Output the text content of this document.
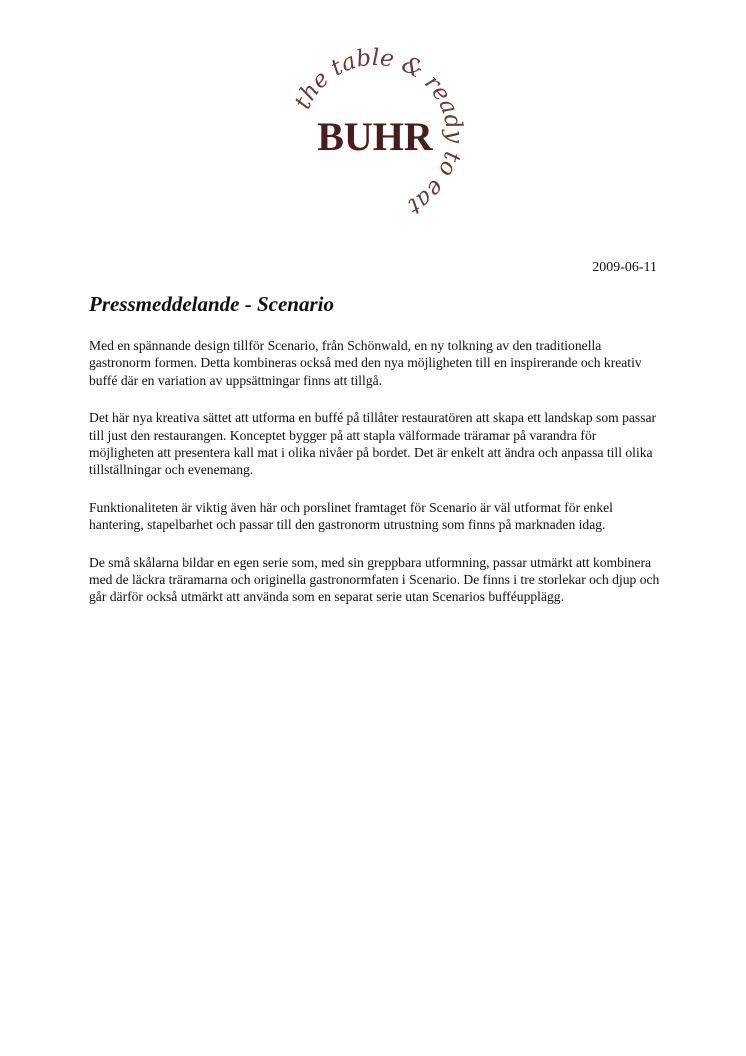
the table & ready to eat
BUHR
2009-06-11
Pressmeddelande - Scenario

Med en spännande design tillför Scenario, från Schönwald, en ny tolkning av den traditionella gastronorm formen. Detta kombineras också med den nya möjligheten till en inspirerande och kreativ buffé där en variation av uppsättningar finns att tillgå.

Det här nya kreativa sättet att utforma en buffé på tillåter restauratören att skapa ett landskap som passar till just den restaurangen. Konceptet bygger på att stapla välformade träramar på varandra för möjligheten att presentera kall mat i olika nivåer på bordet. Det är enkelt att ändra och anpassa till olika tillställningar och evenemang.

Funktionaliteten är viktig även här och porslinet framtaget för Scenario är väl utformat för enkel hantering, stapelbarhet och passar till den gastronorm utrustning som finns på marknaden idag.

De små skålarna bildar en egen serie som, med sin greppbara utformning, passar utmärkt att kombinera med de läckra träramarna och originella gastronormfaten i Scenario. De finns i tre storlekar och djup och går därför också utmärkt att använda som en separat serie utan Scenarios bufféupplägg.
